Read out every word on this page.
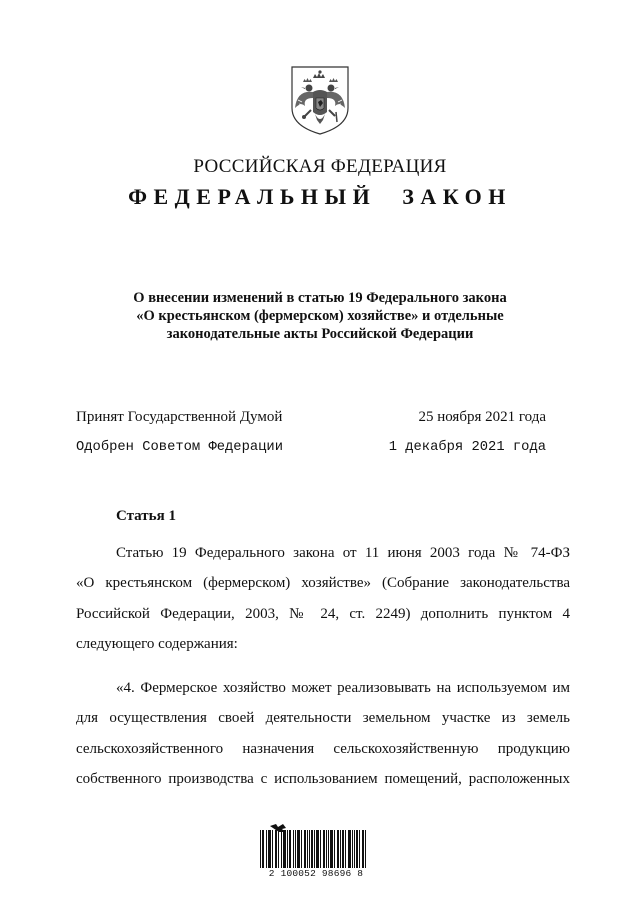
РОССИЙСКАЯ ФЕДЕРАЦИЯ
ФЕДЕРАЛЬНЫЙ ЗАКОН
О внесении изменений в статью 19 Федерального закона
«О крестьянском (фермерском) хозяйстве» и отдельные
законодательные акты Российской Федерации
Принят Государственной Думой	25 ноября 2021 года
Одобрен Советом Федерации	1 декабря 2021 года
Статья 1
Статью 19 Федерального закона от 11 июня 2003 года № 74-ФЗ
«О крестьянском (фермерском) хозяйстве» (Собрание законодательства
Российской Федерации, 2003, № 24, ст. 2249) дополнить пунктом 4
следующего содержания:
«4. Фермерское хозяйство может реализовывать на используемом им
для осуществления своей деятельности земельном участке из земель
сельскохозяйственного назначения сельскохозяйственную продукцию
собственного производства с использованием помещений, расположенных
2 100052 98696 8
